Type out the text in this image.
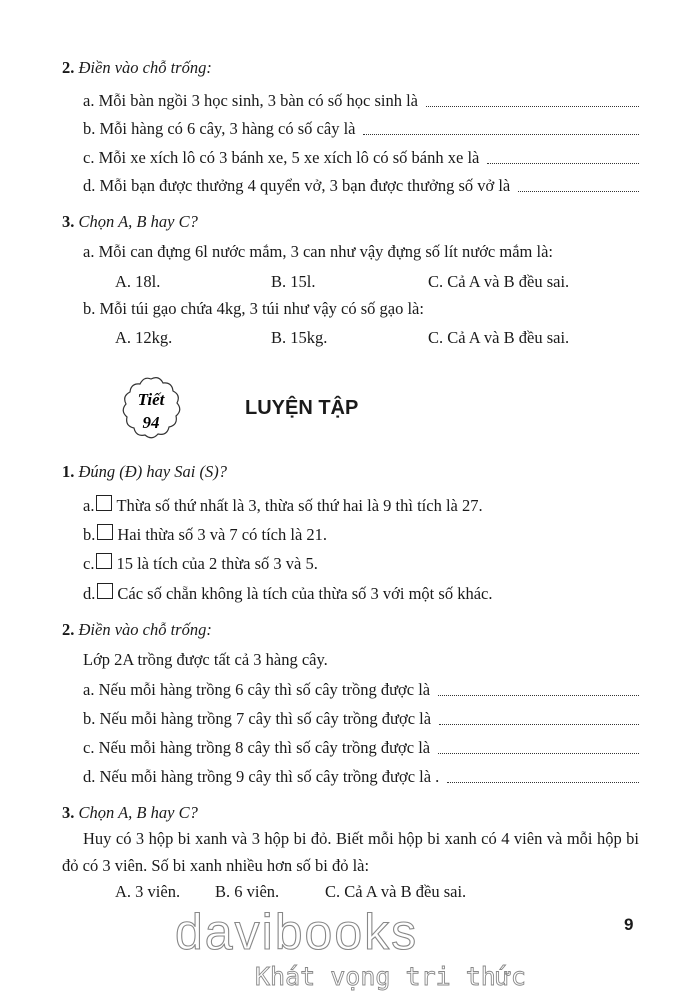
2. Điền vào chỗ trống:
a. Mỗi bàn ngồi 3 học sinh, 3 bàn có số học sinh là
b. Mỗi hàng có 6 cây, 3 hàng có số cây là
c. Mỗi xe xích lô có 3 bánh xe, 5 xe xích lô có số bánh xe là
d. Mỗi bạn được thưởng 4 quyển vở, 3 bạn được thưởng số vở là
3. Chọn A, B hay C?
a. Mỗi can đựng 6l nước mắm, 3 can như vậy đựng số lít nước mắm là:
A. 18l.	B. 15l.	C. Cả A và B đều sai.
b. Mỗi túi gạo chứa 4kg, 3 túi như vậy có số gạo là:
A. 12kg.	B. 15kg.	C. Cả A và B đều sai.
Tiết
94
LUYỆN TẬP
1. Đúng (Đ) hay Sai (S)?
a. Thừa số thứ nhất là 3, thừa số thứ hai là 9 thì tích là 27.
b. Hai thừa số 3 và 7 có tích là 21.
c. 15 là tích của 2 thừa số 3 và 5.
d. Các số chẵn không là tích của thừa số 3 với một số khác.
2. Điền vào chỗ trống:
Lớp 2A trồng được tất cả 3 hàng cây.
a. Nếu mỗi hàng trồng 6 cây thì số cây trồng được là
b. Nếu mỗi hàng trồng 7 cây thì số cây trồng được là
c. Nếu mỗi hàng trồng 8 cây thì số cây trồng được là
d. Nếu mỗi hàng trồng 9 cây thì số cây trồng được là .
3. Chọn A, B hay C?
Huy có 3 hộp bi xanh và 3 hộp bi đỏ. Biết mỗi hộp bi xanh có 4 viên và mỗi hộp bi đỏ có 3 viên. Số bi xanh nhiều hơn số bi đỏ là:
A. 3 viên. B. 6 viên.	C. Cả A và B đều sai.
davibooks	9
Khát vọng tri thức
